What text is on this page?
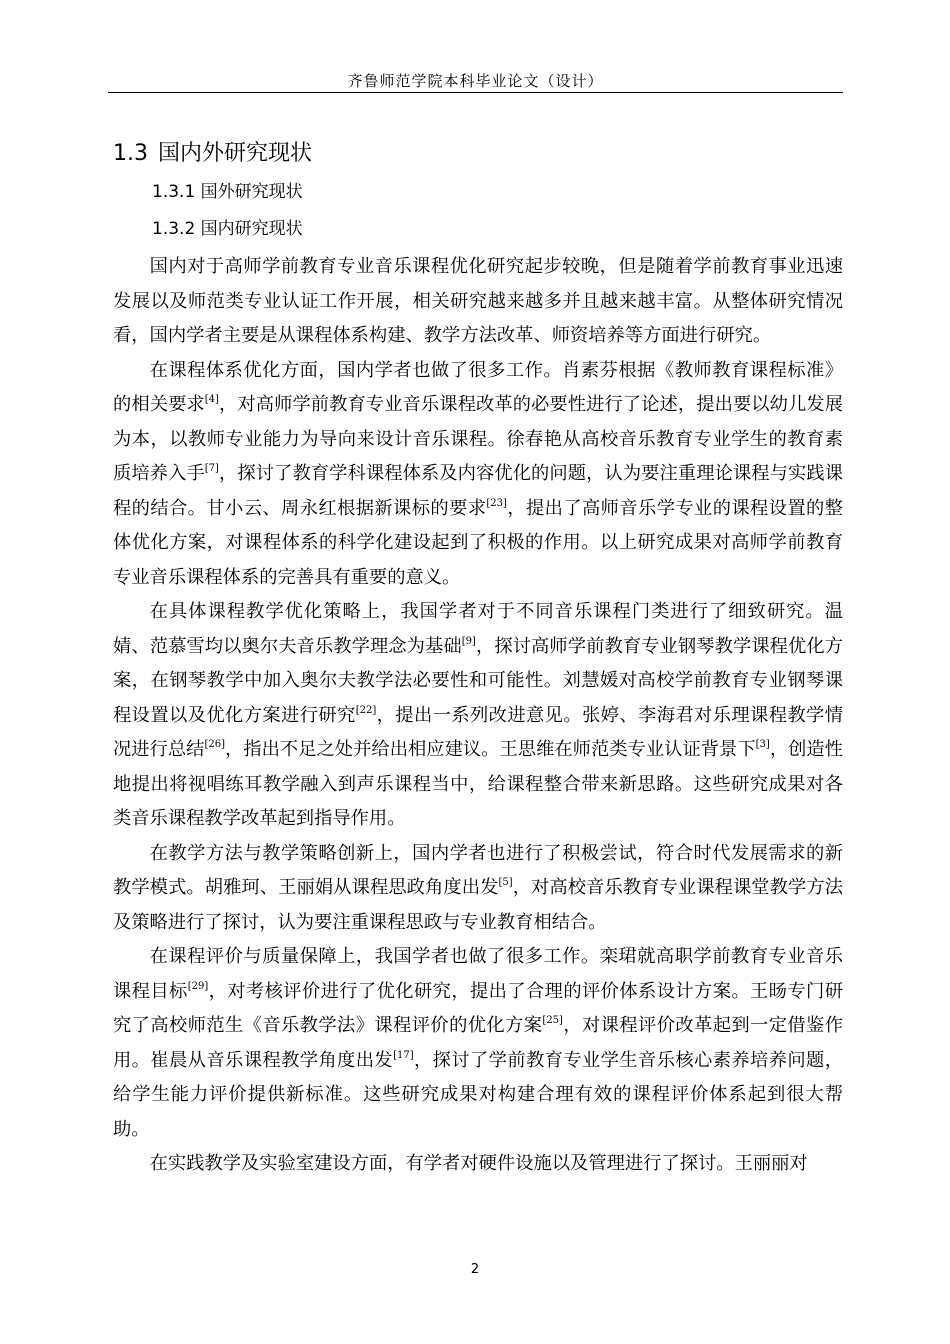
齐鲁师范学院本科毕业论文（设计）
1.3 国内外研究现状
1.3.1 国外研究现状
1.3.2 国内研究现状

国内对于高师学前教育专业音乐课程优化研究起步较晚，但是随着学前教育事业迅速发展以及师范类专业认证工作开展，相关研究越来越多并且越来越丰富。从整体研究情况看，国内学者主要是从课程体系构建、教学方法改革、师资培养等方面进行研究。

在课程体系优化方面，国内学者也做了很多工作。肖素芬根据《教师教育课程标准》的相关要求[4]，对高师学前教育专业音乐课程改革的必要性进行了论述，提出要以幼儿发展为本，以教师专业能力为导向来设计音乐课程。徐春艳从高校音乐教育专业学生的教育素质培养入手[7]，探讨了教育学科课程体系及内容优化的问题，认为要注重理论课程与实践课程的结合。甘小云、周永红根据新课标的要求[23]，提出了高师音乐学专业的课程设置的整体优化方案，对课程体系的科学化建设起到了积极的作用。以上研究成果对高师学前教育专业音乐课程体系的完善具有重要的意义。

在具体课程教学优化策略上，我国学者对于不同音乐课程门类进行了细致研究。温婧、范慕雪均以奥尔夫音乐教学理念为基础[9]，探讨高师学前教育专业钢琴教学课程优化方案，在钢琴教学中加入奥尔夫教学法必要性和可能性。刘慧媛对高校学前教育专业钢琴课程设置以及优化方案进行研究[22]，提出一系列改进意见。张婷、李海君对乐理课程教学情况进行总结[26]，指出不足之处并给出相应建议。王思维在师范类专业认证背景下[3]，创造性地提出将视唱练耳教学融入到声乐课程当中，给课程整合带来新思路。这些研究成果对各类音乐课程教学改革起到指导作用。

在教学方法与教学策略创新上，国内学者也进行了积极尝试，符合时代发展需求的新教学模式。胡雅珂、王丽娟从课程思政角度出发[5]，对高校音乐教育专业课程课堂教学方法及策略进行了探讨，认为要注重课程思政与专业教育相结合。

在课程评价与质量保障上，我国学者也做了很多工作。栾珺就高职学前教育专业音乐课程目标[29]，对考核评价进行了优化研究，提出了合理的评价体系设计方案。王旸专门研究了高校师范生《音乐教学法》课程评价的优化方案[25]，对课程评价改革起到一定借鉴作用。崔晨从音乐课程教学角度出发[17]，探讨了学前教育专业学生音乐核心素养培养问题，给学生能力评价提供新标准。这些研究成果对构建合理有效的课程评价体系起到很大帮助。

在实践教学及实验室建设方面，有学者对硬件设施以及管理进行了探讨。王丽丽对

2
